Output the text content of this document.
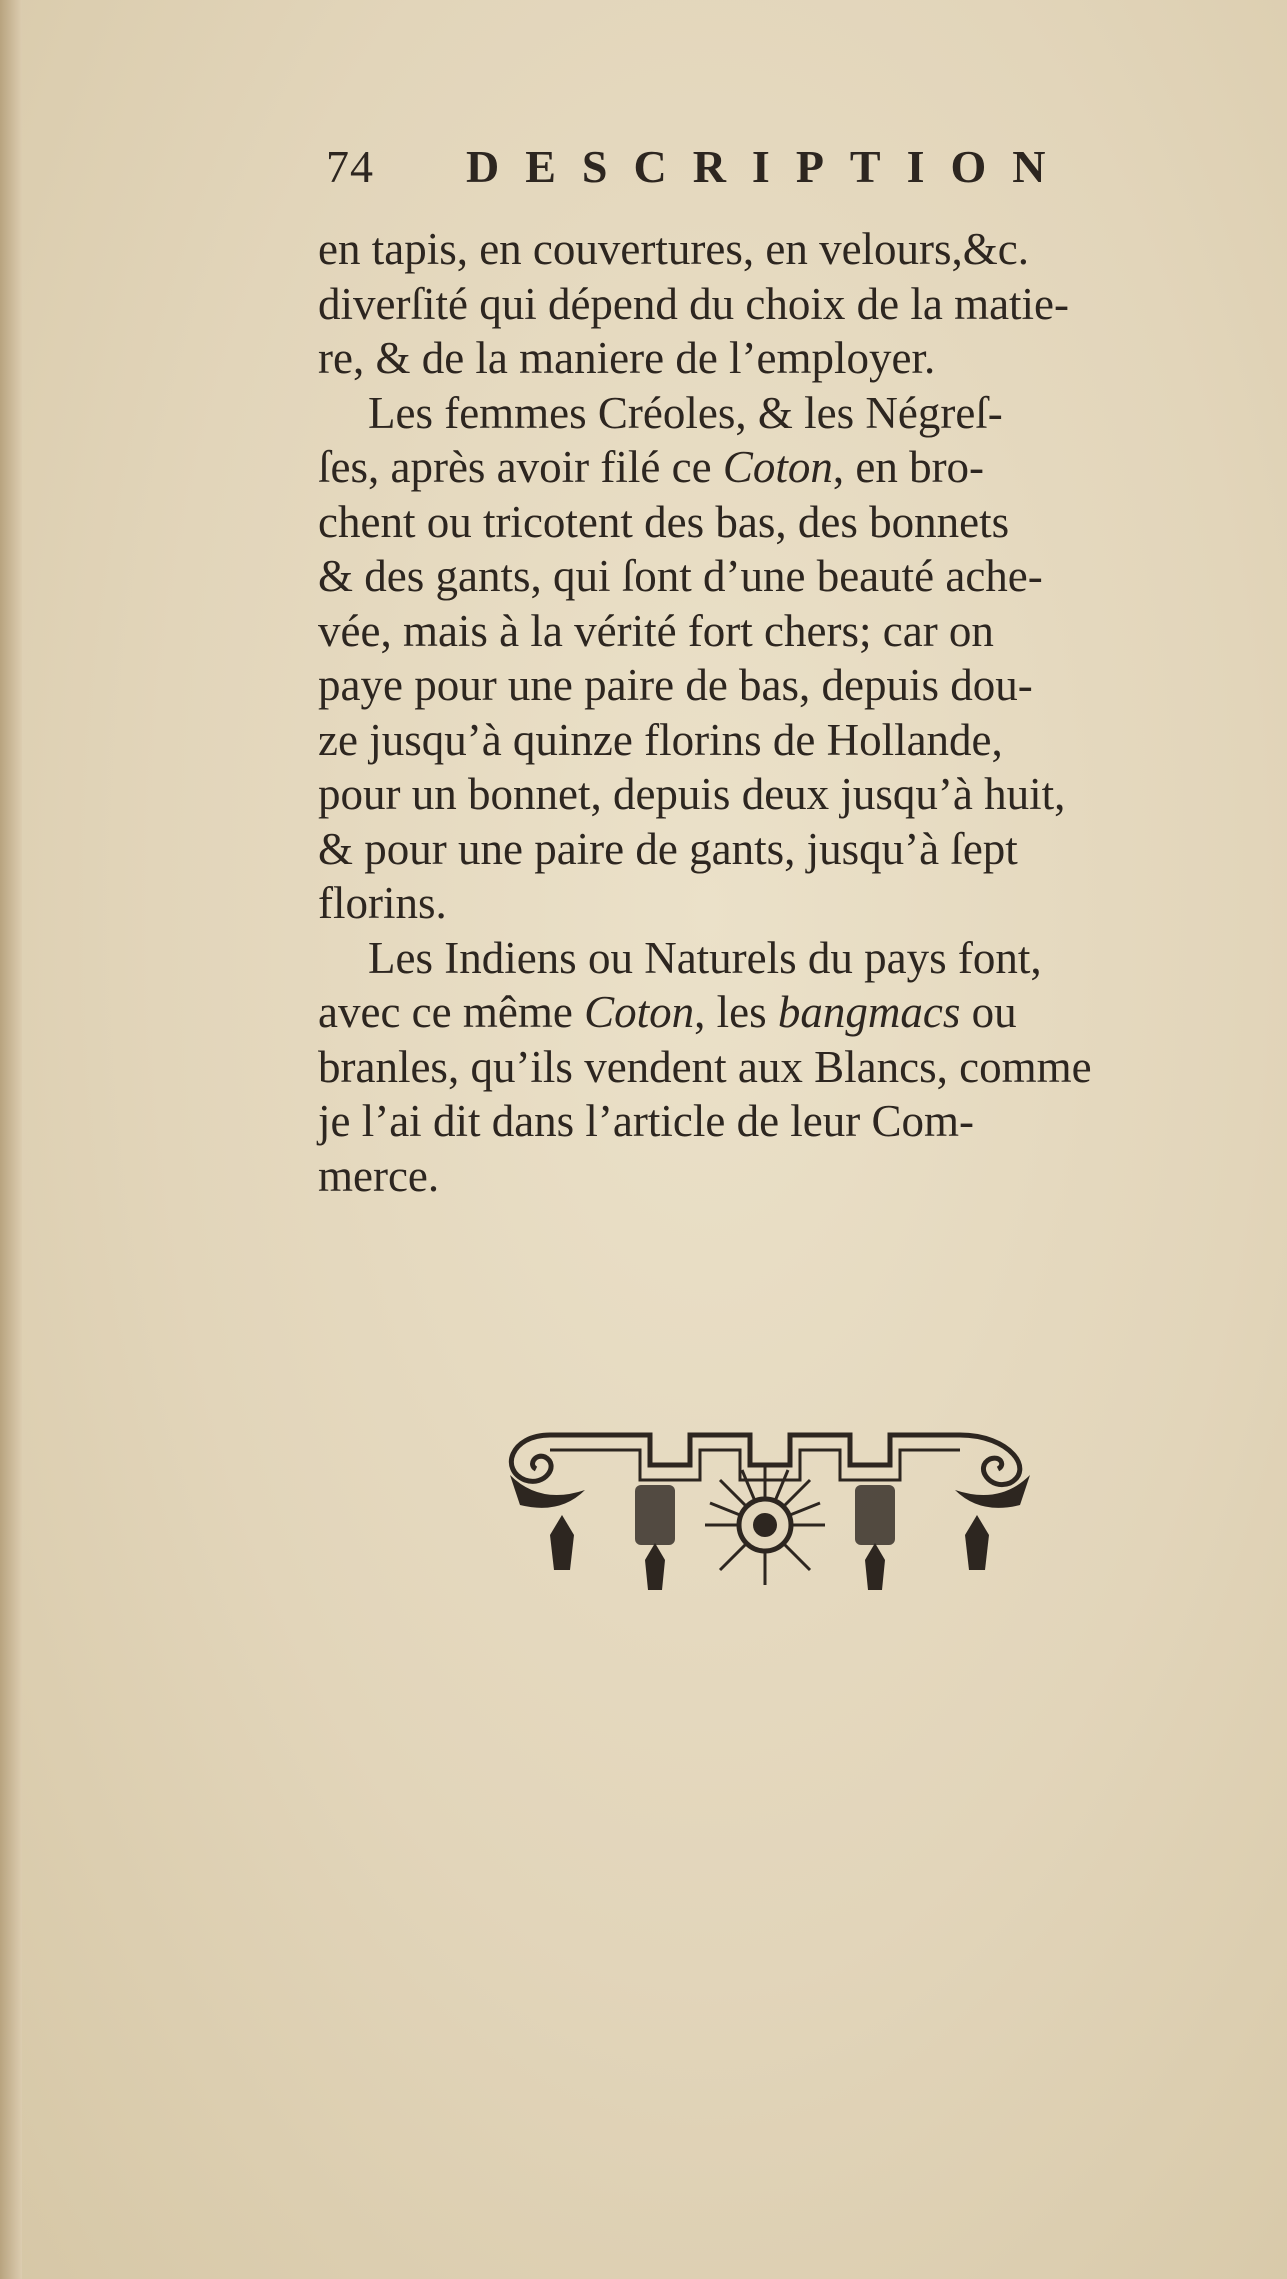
74 DESCRIPTION
en tapis, en couvertures, en velours,&c.
diverſité qui dépend du choix de la matie-
re, & de la maniere de l’employer.
Les femmes Créoles, & les Négreſ-
ſes, après avoir filé ce Coton, en bro-
chent ou tricotent des bas, des bonnets
& des gants, qui ſont d’une beauté ache-
vée, mais à la vérité fort chers; car on
paye pour une paire de bas, depuis dou-
ze jusqu’à quinze florins de Hollande,
pour un bonnet, depuis deux jusqu’à huit,
& pour une paire de gants, jusqu’à ſept
florins.
Les Indiens ou Naturels du pays font,
avec ce même Coton, les bangmacs ou
branles, qu’ils vendent aux Blancs, comme
je l’ai dit dans l’article de leur Com-
merce.
